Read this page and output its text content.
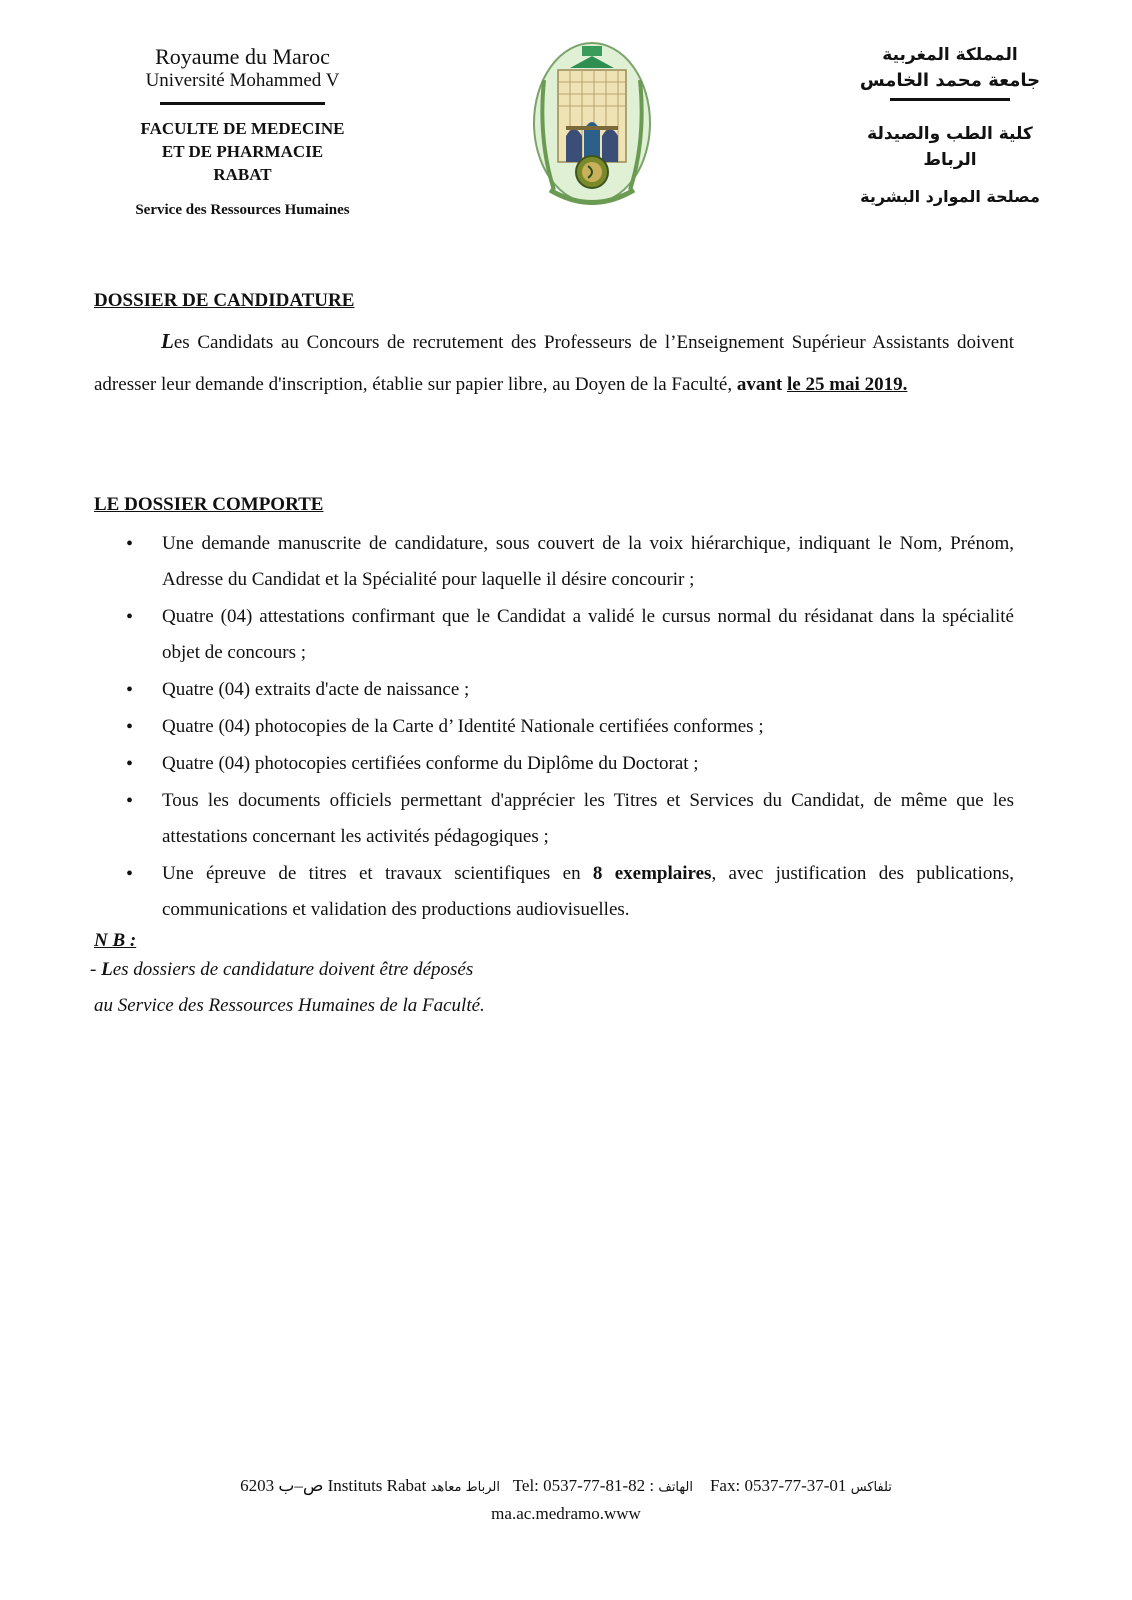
Royaume du Maroc
Université Mohammed V
FACULTE DE MEDECINE
ET DE PHARMACIE
RABAT
Service des Ressources Humaines
المملكة المغربية
جامعة محمد الخامس
كلية الطب والصيدلة
الرباط
مصلحة الموارد البشرية
DOSSIER DE CANDIDATURE
Les Candidats au Concours de recrutement des Professeurs de l’Enseignement Supérieur Assistants doivent adresser leur demande d'inscription, établie sur papier libre, au Doyen de la Faculté, avant le 25 mai 2019.
LE DOSSIER COMPORTE
• Une demande manuscrite de candidature, sous couvert de la voix hiérarchique, indiquant le Nom, Prénom, Adresse du Candidat et la Spécialité pour laquelle il désire concourir ;
• Quatre (04) attestations confirmant que le Candidat a validé le cursus normal du résidanat dans la spécialité objet de concours ;
• Quatre (04) extraits d'acte de naissance ;
• Quatre (04) photocopies de la Carte d’ Identité Nationale certifiées conformes ;
• Quatre (04) photocopies certifiées conforme du Diplôme du Doctorat ;
• Tous les documents officiels permettant d'apprécier les Titres et Services du Candidat, de même que les attestations concernant les activités pédagogiques ;
• Une épreuve de titres et travaux scientifiques en 8 exemplaires, avec justification des publications, communications et validation des productions audiovisuelles.
N B :
- Les dossiers de candidature doivent être déposés
au Service des Ressources Humaines de la Faculté.
6203 ص–ب Instituts Rabat الرباط معاهد Tel: 0537-77-81-82 : الهاتف Fax: 0537-77-37-01 تلفاكس
ma.ac.medramo.www
